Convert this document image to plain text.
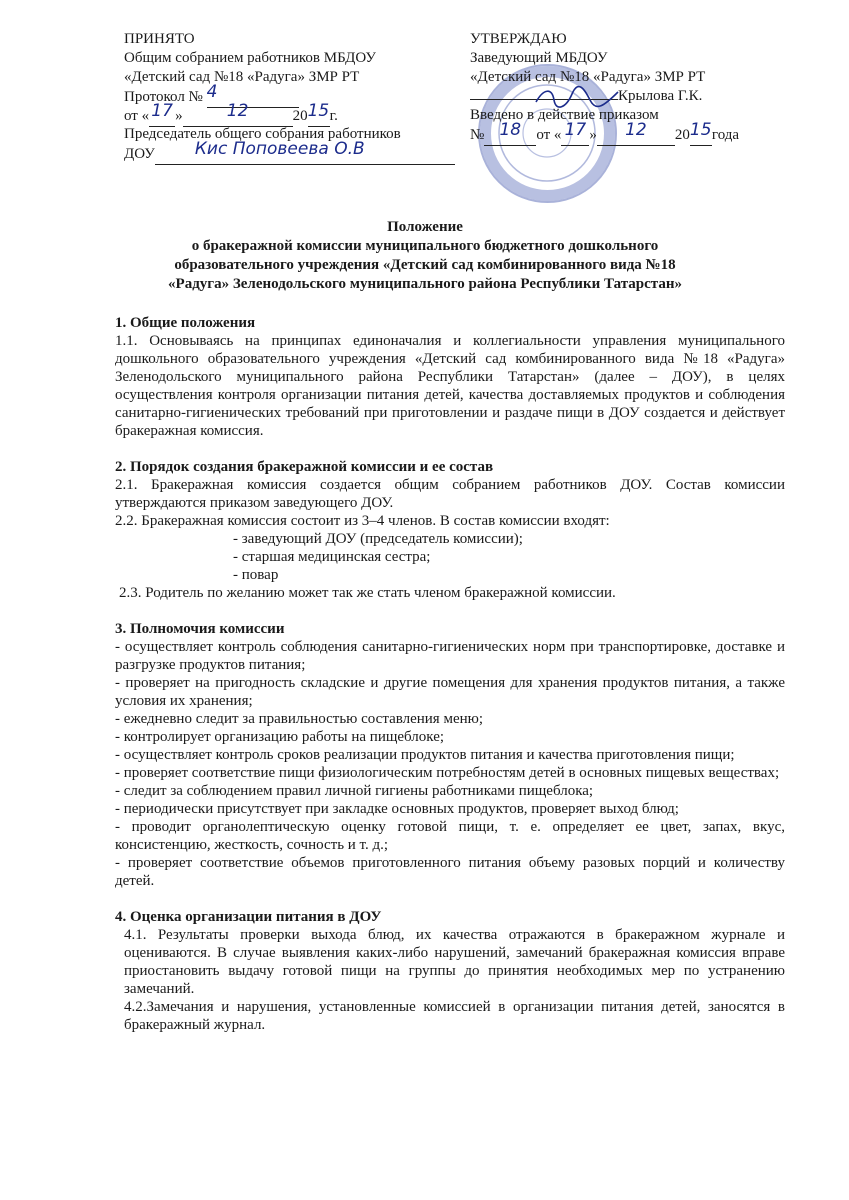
ПРИНЯТО
Общим собранием работников МБДОУ
«Детский сад №18 «Радуга» ЗМР РТ
Протокол № 4
от « 17 »	12	2015г.
Председатель общего собрания работников
ДОУ Кис Поповеева О.В
УТВЕРЖДАЮ
Заведующий МБДОУ
«Детский сад №18 «Радуга» ЗМР РТ
Крылова Г.К.
Введено в действие приказом
№ 18 от « 17 » 12 2015года
Положение
о бракеражной комиссии муниципального бюджетного дошкольного
образовательного учреждения «Детский сад комбинированного вида №18
«Радуга» Зеленодольского муниципального района Республики Татарстан»

1. Общие положения

1.1. Основываясь на принципах единоначалия и коллегиальности управления муниципального дошкольного образовательного учреждения «Детский сад комбинированного вида №18 «Радуга» Зеленодольского муниципального района Республики Татарстан» (далее – ДОУ), в целях осуществления контроля организации питания детей, качества доставляемых продуктов и соблюдения санитарно-гигиенических требований при приготовлении и раздаче пищи в ДОУ создается и действует бракеражная комиссия.

2. Порядок создания бракеражной комиссии и ее состав

2.1. Бракеражная комиссия создается общим собранием работников ДОУ. Состав комиссии утверждаются приказом заведующего ДОУ.

2.2. Бракеражная комиссия состоит из 3–4 членов. В состав комиссии входят:

- заведующий ДОУ (председатель комиссии);

- старшая медицинская сестра;

- повар

2.3. Родитель по желанию может так же стать членом бракеражной комиссии.

3. Полномочия комиссии

- осуществляет контроль соблюдения санитарно-гигиенических норм при транспортировке, доставке и разгрузке продуктов питания;

- проверяет на пригодность складские и другие помещения для хранения продуктов питания, а также условия их хранения;

- ежедневно следит за правильностью составления меню;

- контролирует организацию работы на пищеблоке;

- осуществляет контроль сроков реализации продуктов питания и качества приготовления пищи;

- проверяет соответствие пищи физиологическим потребностям детей в основных пищевых веществах;

- следит за соблюдением правил личной гигиены работниками пищеблока;

- периодически присутствует при закладке основных продуктов, проверяет выход блюд;

- проводит органолептическую оценку готовой пищи, т. е. определяет ее цвет, запах, вкус, консистенцию, жесткость, сочность и т. д.;

- проверяет соответствие объемов приготовленного питания объему разовых порций и количеству детей.

4. Оценка организации питания в ДОУ

4.1. Результаты проверки выхода блюд, их качества отражаются в бракеражном журнале и оцениваются. В случае выявления каких-либо нарушений, замечаний бракеражная комиссия вправе приостановить выдачу готовой пищи на группы до принятия необходимых мер по устранению замечаний.

4.2.Замечания и нарушения, установленные комиссией в организации питания детей, заносятся в бракеражный журнал.
